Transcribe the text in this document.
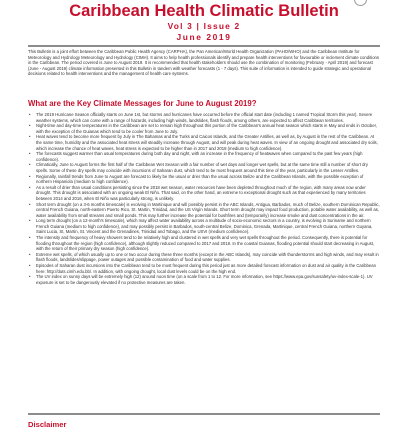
Caribbean Health Climatic Bulletin
Vol 3 | Issue 2
June 2019
This Bulletin is a joint effort between the Caribbean Public Health Agency (CARPHA), the Pan American/World Health Organization (PAHO/WHO) and the Caribbean Institute for Meteorology and Hydrology Meteorology and Hydrology (CIMH). It aims to help health professionals identify and prepare health interventions for favourable or inclement climate conditions in the Caribbean. The period covered is June to August 2019. It is recommended that health stakeholders should use the combination of monitoring (February - April 2019) and forecast (June - August 2019) climate information presented in this Bulletin in tandem with weather forecasts (1 - 7 days). This suite of information is intended to guide strategic and operational decisions related to health interventions and the management of health care systems.
What are the Key Climate Messages for June to August 2019?
• The 2019 Hurricane Season officially starts on June 1st, but storms and hurricanes have occurred before the official start date (including 1 named Tropical Storm this year). Severe weather systems, which can come with a range of hazards, including high winds, landslides, flash floods, among others, are expected to affect Caribbean territories.
• Night-time and day-time temperatures in the Caribbean are set to remain high throughout this portion of the Caribbean's annual heat season which starts in May and ends in October, with the exception of the Guianas which tend to be cooler from June to July.
• Heat waves tend to become more frequent by July in The Bahamas and the Turks and Caicos Islands, and the Greater Antilles, as well as, by August in the rest of the Caribbean. At the same time, humidity and the associated heat stress will steadily increase through August, and will peak during heat waves. In view of an ongoing drought and associated dry soils, which increase the chance of heat waves, heat stress is expected to be higher than in 2017 and 2018 (medium to high confidence).
• The forecasts suggest warmer than usual temperatures during both day and night, with an increase in the frequency of heatwaves when compared to the past few years (high confidence).
• Climatically, June to August forms the first half of the Caribbean Wet Season with a fair number of wet days and longer wet spells, but at the same time still a number of short dry spells. Some of these dry spells may coincide with incursions of Saharan dust, which tend to be most frequent around this time of the year, particularly in the Lesser Antilles.
• Regionally, rainfall trends from June to August are forecast to likely be the usual or drier than the usual across Belize and the Caribbean Islands, with the possible exception of northern Hispaniola (medium to high confidence).
• As a result of drier than usual conditions persisting since the 2018 wet season, water resources have been depleted throughout much of the region, with many areas now under drought. This drought is associated with an ongoing weak El Niño. That said, on the other hand, an extreme to exceptional drought such as that experienced by many territories between 2014 and 2016, when El Niño was particularly strong, is unlikely.
• Short term drought (on a 3-6 months timescale) is evolving in Martinique and will possibly persist in the ABC Islands, Antigua, Barbados, much of Belize, southern Dominican Republic, central French Guiana, north-eastern Puerto Rico, St. Martin, Trinidad, and the US Virgin Islands. Short term drought may impact food production, potable water availability, as well as, water availability from small streams and small ponds. This may further increase the potential for bushfires and (temporarily) increase smoke and dust concentrations in the air.
• Long term drought (on a 12-month's timescale), which may affect water availability across a multitude of socio-economic sectors in a country, is evolving in Suriname and northern French Guiana (medium to high confidence), and may possibly persist in Barbados, south-central Belize, Dominica, Grenada, Martinique, central French Guiana, northern Guyana, Saint Lucia, St. Martin, St. Vincent and the Grenadines, Trinidad and Tobago, and the USVI (medium confidence).
• The intensity and frequency of heavy showers tend to be relatively high and clustered in wet spells and very wet spells throughout the period. Consequently, there is potential for flooding throughout the region (high confidence), although slightly reduced compared to 2017 and 2018. In the coastal Guianas, flooding potential should start decreasing in August, with the return of their primary dry season (high confidence).
• Extreme wet spells, of which usually up to one or two occur during these three months (except in the ABC Islands), may coincide with thunderstorms and high winds, and may result in flash floods, landslides/slippage, power outages and possible contamination of food and water supplies.
• Episodes of Saharan dust incursions into the Caribbean tend to be most frequent during this period just as more detailed forecast information on dust and air quality in the Caribbean here: http://duts.cimh.edu.bb/. In addition, with ongoing drought, local dust levels could be on the high end.
• The UV index on sunny days will be extremely high (12) around noon time (on a scale from 1 to 12. For more information, see https://www.epa.gov/sunsafety/uv-index-scale-1). UV exposure is set to be dangerously elevated if no protective measures are taken.
Disclaimer
